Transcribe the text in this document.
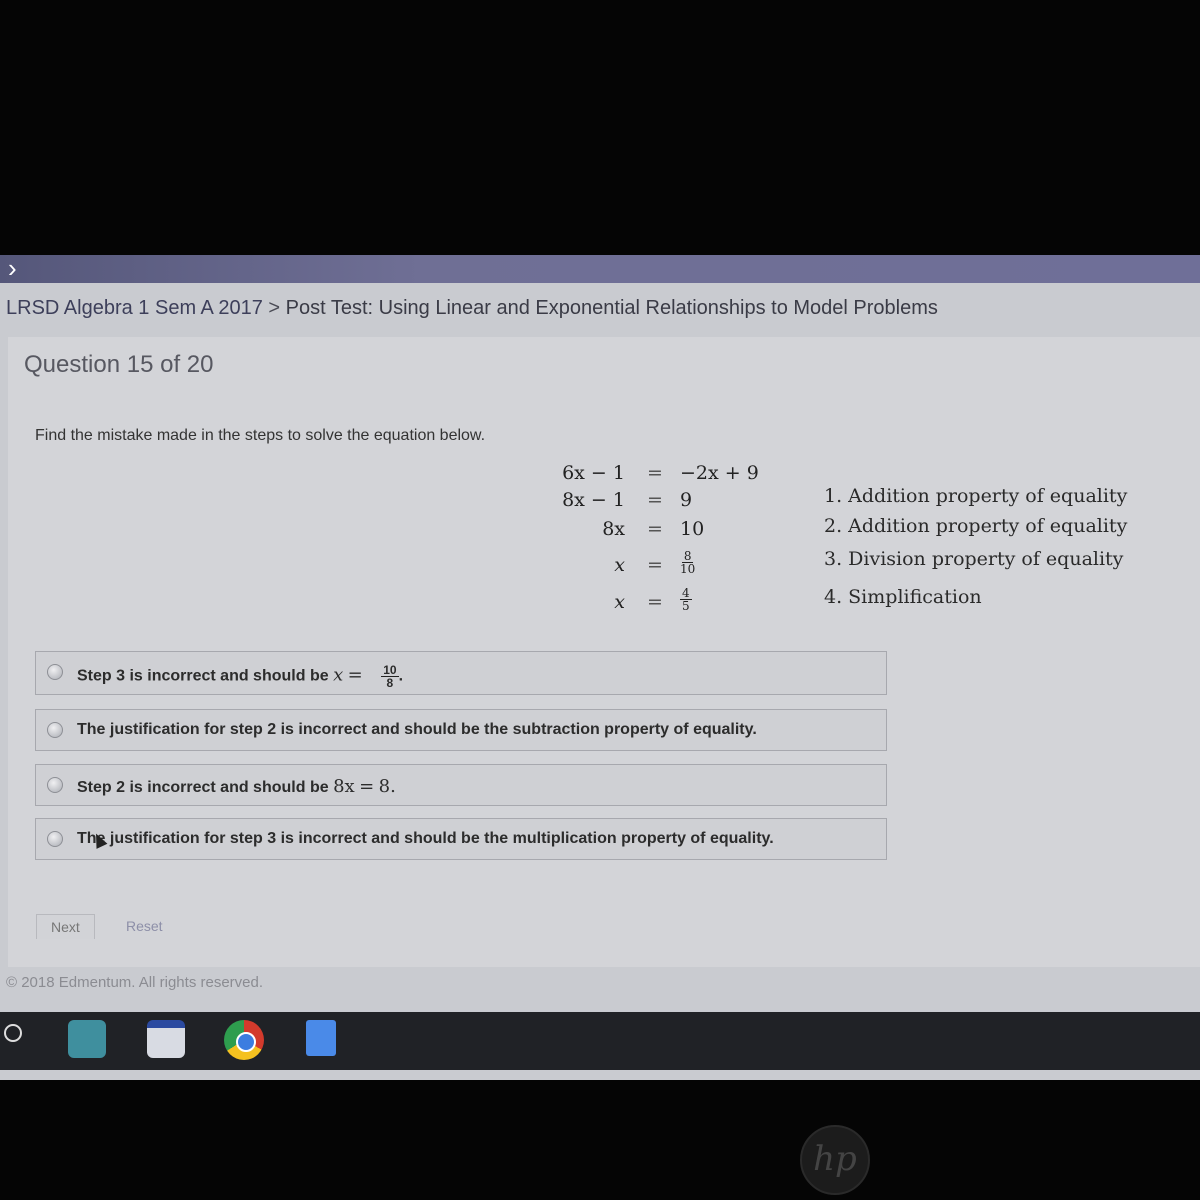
›
LRSD Algebra 1 Sem A 2017 > Post Test: Using Linear and Exponential Relationships to Model Problems
Question 15 of 20
Find the mistake made in the steps to solve the equation below.
6x − 1	= −2x + 9
8x − 1	= 9
8x	= 10
x	=	$\frac{8}{10}$
x	=	$\frac{4}{5}$
1. Addition property of equality
2. Addition property of equality
3. Division property of equality
4. Simplification
Step 3 is incorrect and should be $x = \frac{10}{8}$ .
The justification for step 2 is incorrect and should be the subtraction property of equality.
Step 2 is incorrect and should be 8x = 8.
The justification for step 3 is incorrect and should be the multiplication property of equality.
Next	Reset
© 2018 Edmentum. All rights reserved.
hp
